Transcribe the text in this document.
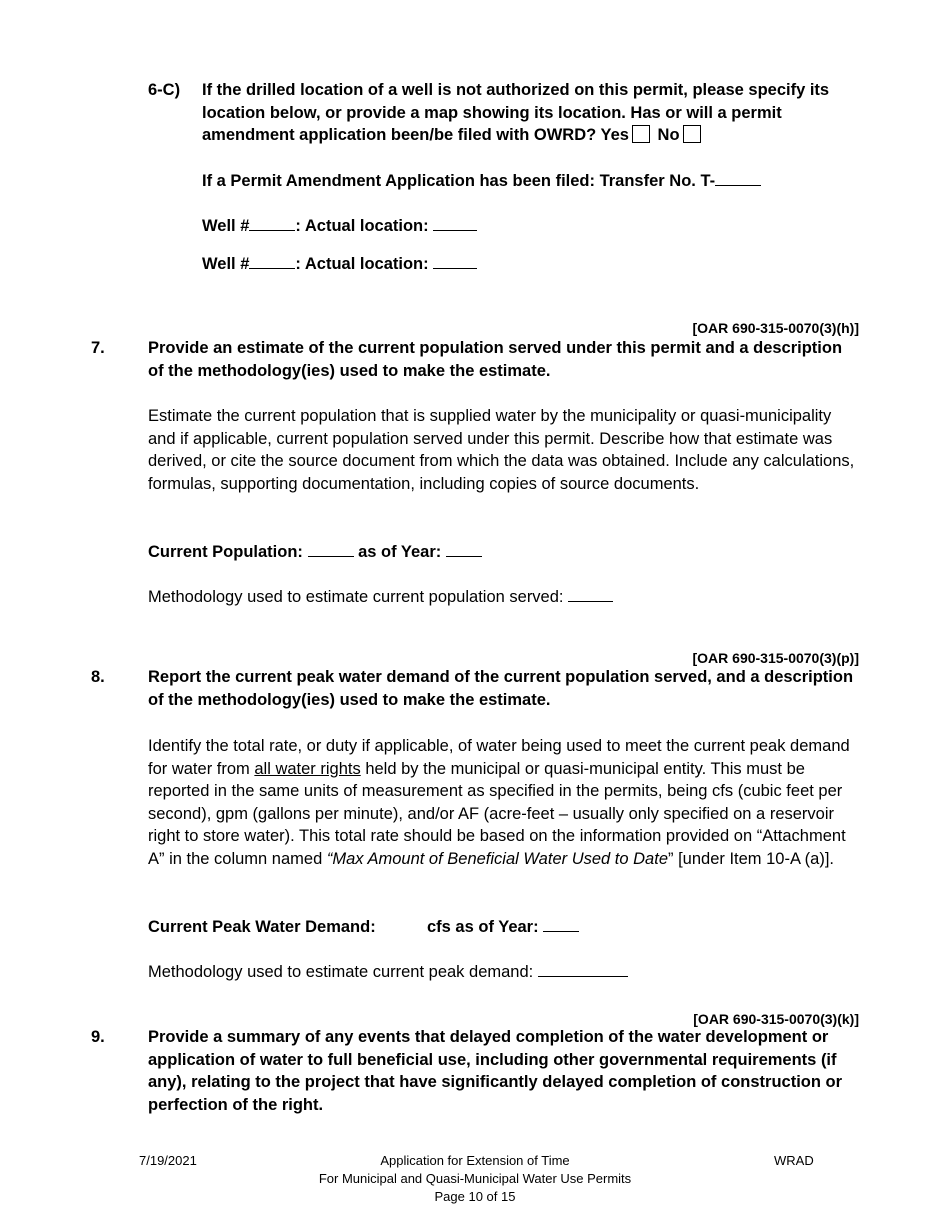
6-C) If the drilled location of a well is not authorized on this permit, please specify its location below, or provide a map showing its location. Has or will a permit amendment application been/be filed with OWRD? Yes No
If a Permit Amendment Application has been filed: Transfer No. T-
Well #	: Actual location:
Well #	: Actual location:
[OAR 690-315-0070(3)(h)]
7.	Provide an estimate of the current population served under this permit and a description of the methodology(ies) used to make the estimate.
Estimate the current population that is supplied water by the municipality or quasi-municipality and if applicable, current population served under this permit. Describe how that estimate was derived, or cite the source document from which the data was obtained. Include any calculations, formulas, supporting documentation, including copies of source documents.
Current Population:	as of Year:
Methodology used to estimate current population served:
[OAR 690-315-0070(3)(p)]
8.	Report the current peak water demand of the current population served, and a description of the methodology(ies) used to make the estimate.
Identify the total rate, or duty if applicable, of water being used to meet the current peak demand for water from all water rights held by the municipal or quasi-municipal entity. This must be reported in the same units of measurement as specified in the permits, being cfs (cubic feet per second), gpm (gallons per minute), and/or AF (acre-feet – usually only specified on a reservoir right to store water). This total rate should be based on the information provided on “Attachment A” in the column named “Max Amount of Beneficial Water Used to Date” [under Item 10-A (a)].
Current Peak Water Demand:	cfs as of Year:
Methodology used to estimate current peak demand:
[OAR 690-315-0070(3)(k)]
9.	Provide a summary of any events that delayed completion of the water development or application of water to full beneficial use, including other governmental requirements (if any), relating to the project that have significantly delayed completion of construction or perfection of the right.
7/19/2021	Application for Extension of Time
For Municipal and Quasi-Municipal Water Use Permits
Page 10 of 15
WRAD
